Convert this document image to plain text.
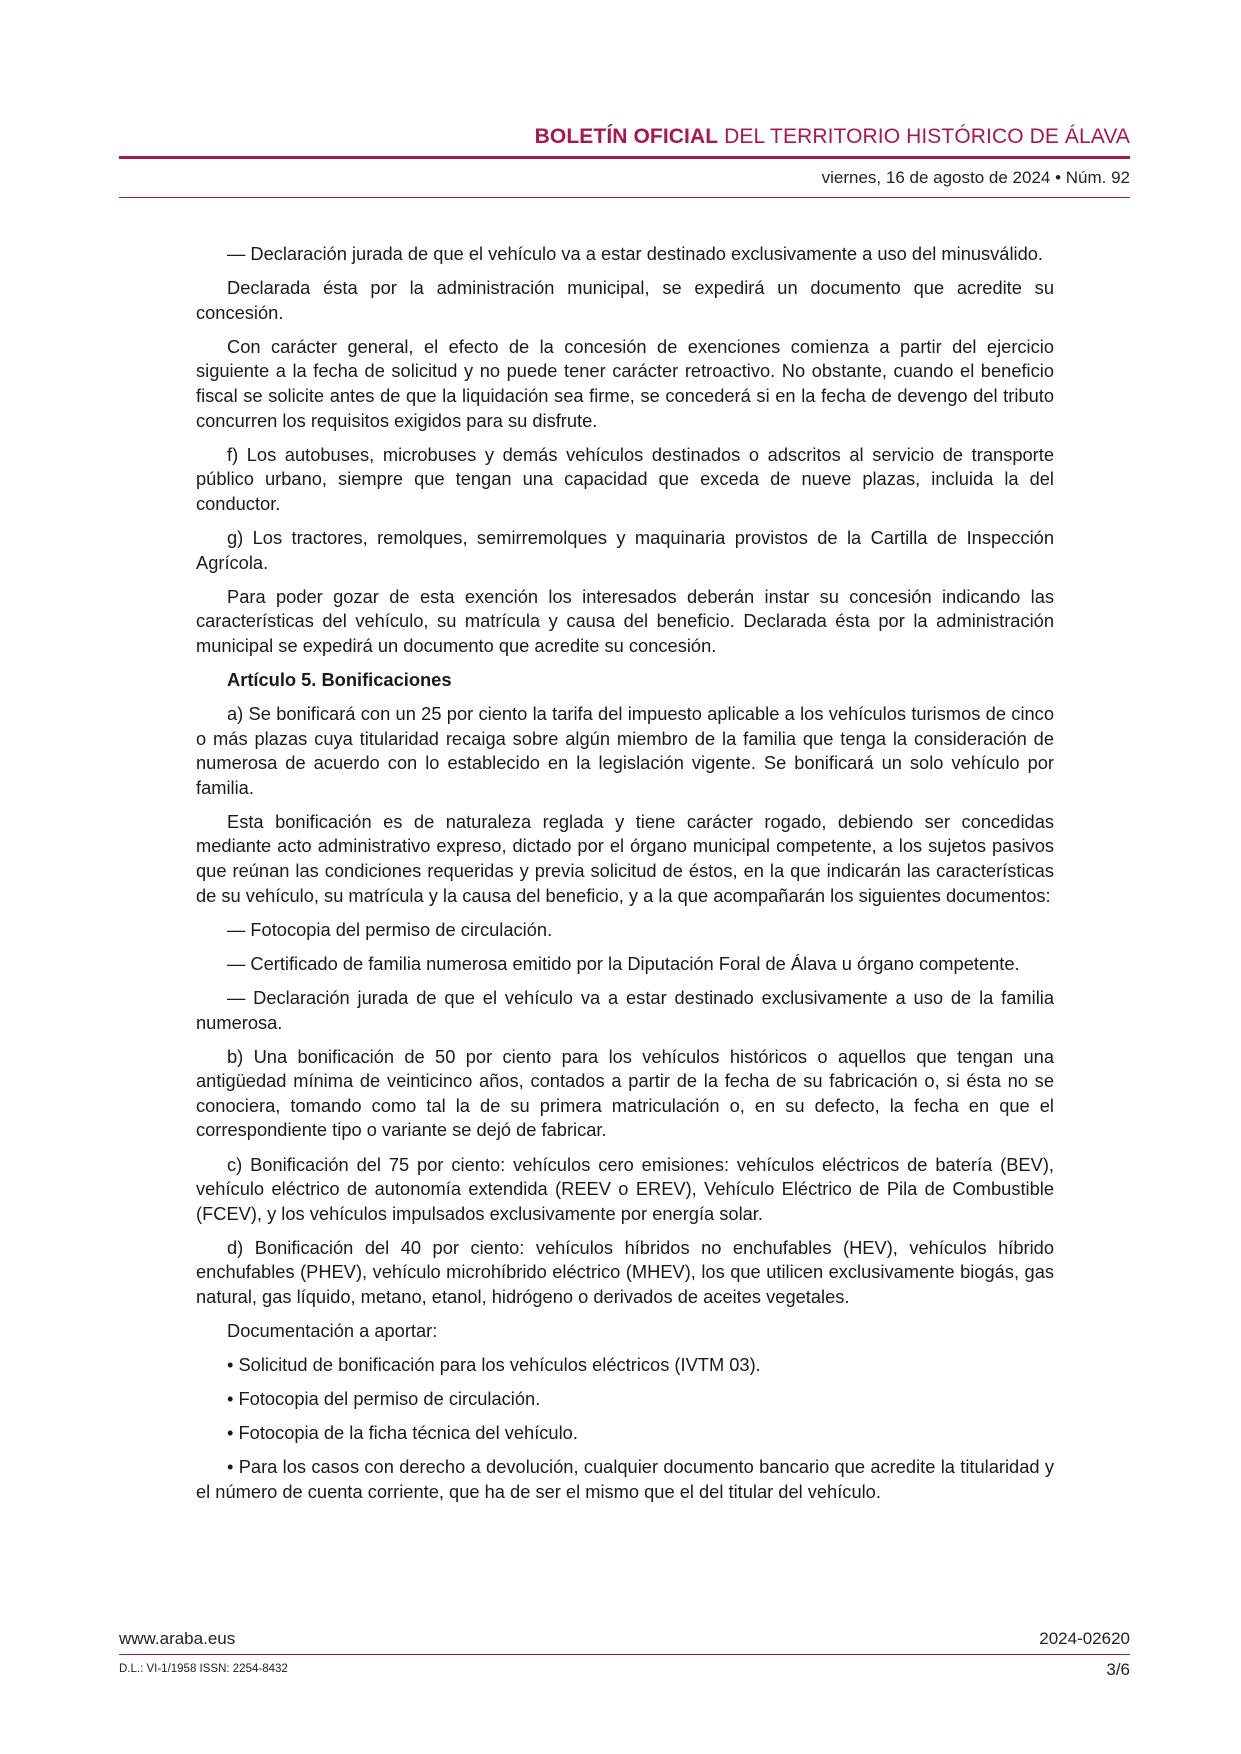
BOLETÍN OFICIAL DEL TERRITORIO HISTÓRICO DE ÁLAVA
viernes, 16 de agosto de 2024 • Núm. 92

— Declaración jurada de que el vehículo va a estar destinado exclusivamente a uso del minusválido.

Declarada ésta por la administración municipal, se expedirá un documento que acredite su concesión.

Con carácter general, el efecto de la concesión de exenciones comienza a partir del ejercicio siguiente a la fecha de solicitud y no puede tener carácter retroactivo. No obstante, cuando el beneficio fiscal se solicite antes de que la liquidación sea firme, se concederá si en la fecha de devengo del tributo concurren los requisitos exigidos para su disfrute.

f) Los autobuses, microbuses y demás vehículos destinados o adscritos al servicio de transporte público urbano, siempre que tengan una capacidad que exceda de nueve plazas, incluida la del conductor.

g) Los tractores, remolques, semirremolques y maquinaria provistos de la Cartilla de Inspección Agrícola.

Para poder gozar de esta exención los interesados deberán instar su concesión indicando las características del vehículo, su matrícula y causa del beneficio. Declarada ésta por la administración municipal se expedirá un documento que acredite su concesión.

Artículo 5. Bonificaciones

a) Se bonificará con un 25 por ciento la tarifa del impuesto aplicable a los vehículos turismos de cinco o más plazas cuya titularidad recaiga sobre algún miembro de la familia que tenga la consideración de numerosa de acuerdo con lo establecido en la legislación vigente. Se bonificará un solo vehículo por familia.

Esta bonificación es de naturaleza reglada y tiene carácter rogado, debiendo ser concedidas mediante acto administrativo expreso, dictado por el órgano municipal competente, a los sujetos pasivos que reúnan las condiciones requeridas y previa solicitud de éstos, en la que indicarán las características de su vehículo, su matrícula y la causa del beneficio, y a la que acompañarán los siguientes documentos:

— Fotocopia del permiso de circulación.

— Certificado de familia numerosa emitido por la Diputación Foral de Álava u órgano competente.

— Declaración jurada de que el vehículo va a estar destinado exclusivamente a uso de la familia numerosa.

b) Una bonificación de 50 por ciento para los vehículos históricos o aquellos que tengan una antigüedad mínima de veinticinco años, contados a partir de la fecha de su fabricación o, si ésta no se conociera, tomando como tal la de su primera matriculación o, en su defecto, la fecha en que el correspondiente tipo o variante se dejó de fabricar.

c) Bonificación del 75 por ciento: vehículos cero emisiones: vehículos eléctricos de batería (BEV), vehículo eléctrico de autonomía extendida (REEV o EREV), Vehículo Eléctrico de Pila de Combustible (FCEV), y los vehículos impulsados exclusivamente por energía solar.

d) Bonificación del 40 por ciento: vehículos híbridos no enchufables (HEV), vehículos híbrido enchufables (PHEV), vehículo microhíbrido eléctrico (MHEV), los que utilicen exclusivamente biogás, gas natural, gas líquido, metano, etanol, hidrógeno o derivados de aceites vegetales.

Documentación a aportar:

• Solicitud de bonificación para los vehículos eléctricos (IVTM 03).

• Fotocopia del permiso de circulación.

• Fotocopia de la ficha técnica del vehículo.

• Para los casos con derecho a devolución, cualquier documento bancario que acredite la titularidad y el número de cuenta corriente, que ha de ser el mismo que el del titular del vehículo.

www.araba.eus	2024-02620
D.L.: VI-1/1958 ISSN: 2254-8432	3/6
